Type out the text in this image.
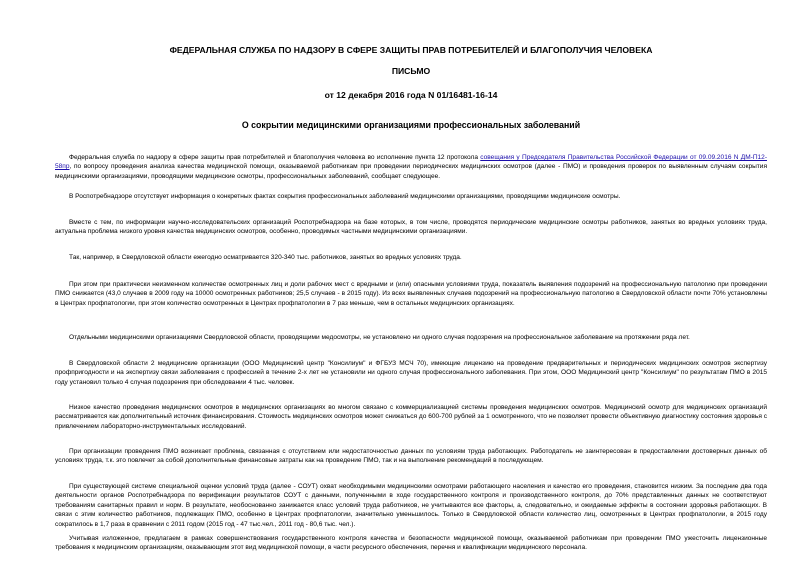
ФЕДЕРАЛЬНАЯ СЛУЖБА ПО НАДЗОРУ В СФЕРЕ ЗАЩИТЫ ПРАВ ПОТРЕБИТЕЛЕЙ И БЛАГОПОЛУЧИЯ ЧЕЛОВЕКА

ПИСЬМО

от 12 декабря 2016 года N 01/16481-16-14

О сокрытии медицинскими организациями профессиональных заболеваний

Федеральная служба по надзору в сфере защиты прав потребителей и благополучия человека во исполнение пункта 12 протокола совещания у Председателя Правительства Российской Федерации от 09.09.2016 N ДМ-П12-58пр, по вопросу проведения анализа качества медицинской помощи, оказываемой работникам при проведении периодических медицинских осмотров (далее - ПМО) и проведения проверок по выявленным случаям сокрытия медицинскими организациями, проводящими медицинские осмотры, профессиональных заболеваний, сообщает следующее.

В Роспотребнадзоре отсутствует информация о конкретных фактах сокрытия профессиональных заболеваний медицинскими организациями, проводящими медицинские осмотры.

Вместе с тем, по информации научно-исследовательских организаций Роспотребнадзора на базе которых, в том числе, проводятся периодические медицинские осмотры работников, занятых во вредных условиях труда, актуальна проблема низкого уровня качества медицинских осмотров, особенно, проводимых частными медицинскими организациями.

Так, например, в Свердловской области ежегодно осматривается 320-340 тыс. работников, занятых во вредных условиях труда.

При этом при практически неизменном количестве осмотренных лиц и доли рабочих мест с вредными и (или) опасными условиями труда, показатель выявления подозрений на профессиональную патологию при проведении ПМО снижается (43,0 случаев в 2009 году на 10000 осмотренных работников; 25,5 случаев - в 2015 году). Из всех выявленных случаев подозрений на профессиональную патологию в Свердловской области почти 70% установлены в Центрах профпатологии, при этом количество осмотренных в Центрах профпатологии в 7 раз меньше, чем в остальных медицинских организациях.

Отдельными медицинскими организациями Свердловской области, проводящими медосмотры, не установлено ни одного случая подозрения на профессиональное заболевание на протяжении ряда лет.

В Свердловской области 2 медицинские организации (ООО Медицинский центр "Консилиум" и ФГБУЗ МСЧ 70), имеющие лицензию на проведение предварительных и периодических медицинских осмотров экспертизу профпригодности и на экспертизу связи заболевания с профессией в течение 2-х лет не установили ни одного случая профессионального заболевания. При этом, ООО Медицинский центр "Консилиум" по результатам ПМО в 2015 году установил только 4 случая подозрения при обследовании 4 тыс. человек.

Низкое качество проведения медицинских осмотров в медицинских организациях во многом связано с коммерциализацией системы проведения медицинских осмотров. Медицинский осмотр для медицинских организаций рассматривается как дополнительный источник финансирования. Стоимость медицинских осмотров может снижаться до 600-700 рублей за 1 осмотренного, что не позволяет провести объективную диагностику состояния здоровья с привлечением лабораторно-инструментальных исследований.

При организации проведения ПМО возникает проблема, связанная с отсутствием или недостаточностью данных по условиям труда работающих. Работодатель не заинтересован в предоставлении достоверных данных об условиях труда, т.к. это повлечет за собой дополнительные финансовые затраты как на проведение ПМО, так и на выполнение рекомендаций в последующем.

При существующей системе специальной оценки условий труда (далее - СОУТ) охват необходимыми медицинскими осмотрами работающего населения и качество его проведения, становится низким. За последние два года деятельности органов Роспотребнадзора по верификации результатов СОУТ с данными, полученными в ходе государственного контроля и производственного контроля, до 70% представленных данных не соответствуют требованиям санитарных правил и норм. В результате, необоснованно занижается класс условий труда работников, не учитываются все факторы, а, следовательно, и ожидаемые эффекты в состоянии здоровья работающих. В связи с этим количество работников, подлежащих ПМО, особенно в Центрах профпатологии, значительно уменьшилось. Только в Свердловской области количество лиц, осмотренных в Центрах профпатологии, в 2015 году сократилось в 1,7 раза в сравнении с 2011 годом (2015 год - 47 тыс.чел., 2011 год - 80,6 тыс. чел.).

Учитывая изложенное, предлагаем в рамках совершенствования государственного контроля качества и безопасности медицинской помощи, оказываемой работникам при проведении ПМО ужесточить лицензионные требования к медицинским организациям, оказывающим этот вид медицинской помощи, в части ресурсного обеспечения, перечня и квалификации медицинского персонала.
